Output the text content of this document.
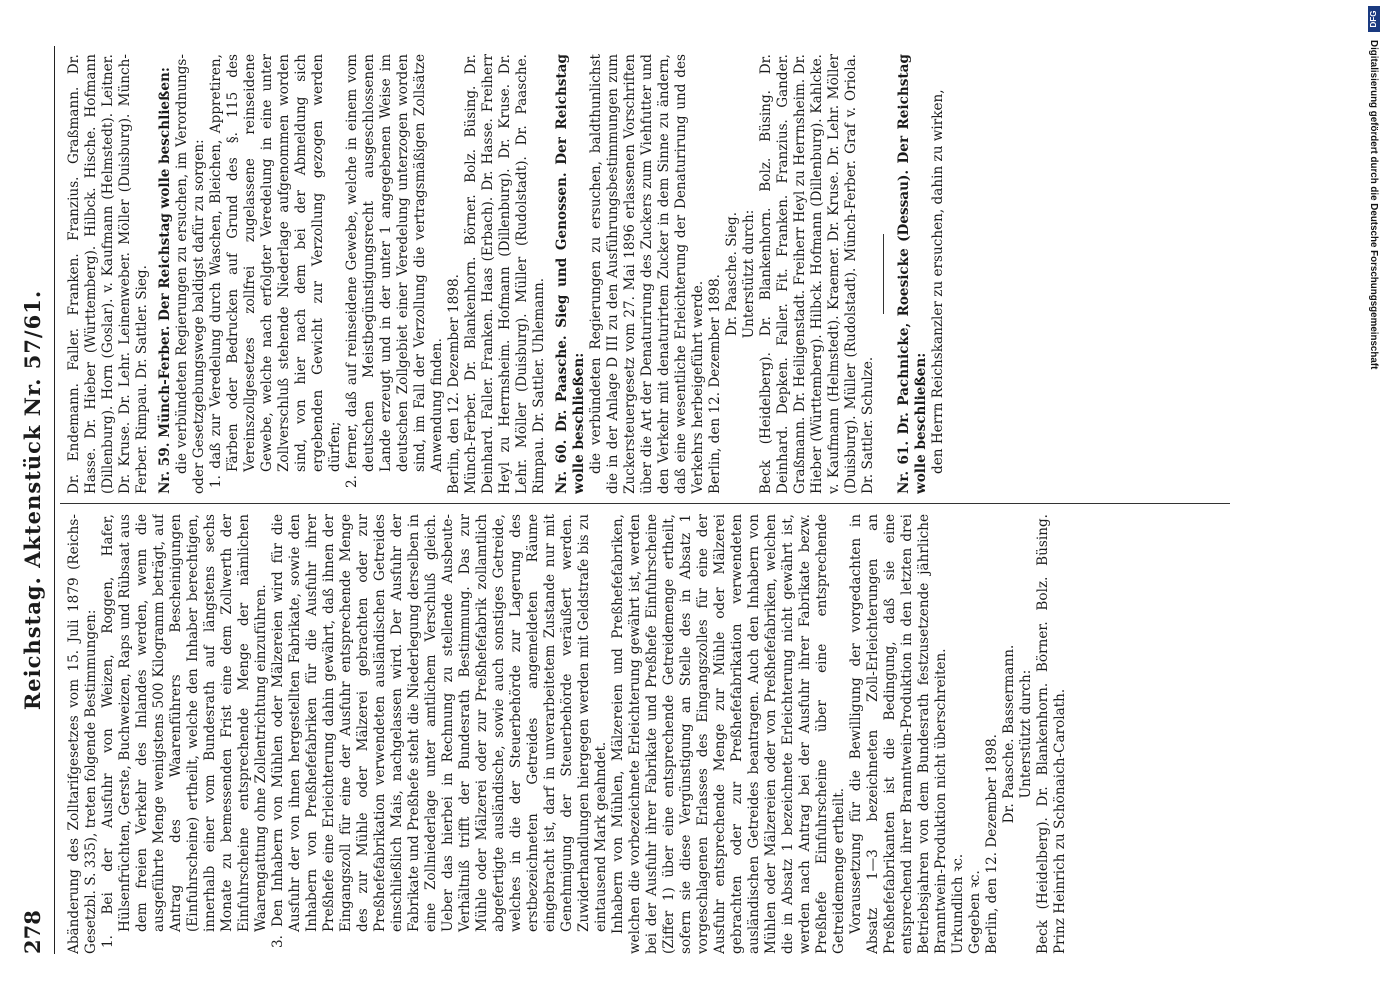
278
Reichstag. Aktenstück Nr. 57/61.

Abänderung des Zolltarifgesetzes vom 15. Juli 1879 (Reichs-Gesetzbl. S. 335), treten folgende Bestimmungen: 1. Bei der Ausfuhr von Weizen, Roggen, Hafer, Hülsenfrüchten, Gerste, Buchweizen, Raps und Rübsaat aus dem freien Verkehr des Inlandes werden, wenn die ausgeführte Menge wenigstens 500 Kilogramm beträgt, auf Antrag des Waarenführers Bescheinigungen (Einfuhrscheine) ertheilt, welche den Inhaber berechtigen, innerhalb einer vom Bundesrath auf längstens sechs Monate zu bemessenden Frist eine dem Zollwerth der Einfuhrscheine entsprechende Menge der nämlichen Waarengattung ohne Zollentrichtung einzuführen. 3. Den Inhabern von Mühlen oder Mälzereien wird für die Ausfuhr der von ihnen hergestellten Fabrikate, sowie den Inhabern von Preßhefefabriken für die Ausfuhr ihrer Preßhefe eine Erleichterung dahin gewährt, daß ihnen der Eingangszoll für eine der Ausfuhr entsprechende Menge des zur Mühle oder Mälzerei gebrachten oder zur Preßhefefabrikation verwendeten ausländischen Getreides einschließlich Mais, nachgelassen wird. Der Ausfuhr der Fabrikate und Preßhefe steht die Niederlegung derselben in eine Zollniederlage unter amtlichem Verschluß gleich. Ueber das hierbei in Rechnung zu stellende Ausbeute-Verhältniß trifft der Bundesrath Bestimmung. Das zur Mühle oder Mälzerei oder zur Preßhefefabrik zollamtlich abgefertigte ausländische, sowie auch sonstiges Getreide, welches in die der Steuerbehörde zur Lagerung des erstbezeichneten Getreides angemeldeten Räume eingebracht ist, darf in unverarbeitetem Zustande nur mit Genehmigung der Steuerbehörde veräußert werden. Zuwiderhandlungen hiergegen werden mit Geldstrafe bis zu eintausend Mark geahndet. Inhabern von Mühlen, Mälzereien und Preßhefefabriken, welchen die vorbezeichnete Erleichterung gewährt ist, werden bei der Ausfuhr ihrer Fabrikate und Preßhefe Einfuhrscheine (Ziffer 1) über eine entsprechende Getreidemenge ertheilt, sofern sie diese Vergünstigung an Stelle des in Absatz 1 vorgeschlagenen Erlasses des Eingangszolles für eine der Ausfuhr entsprechende Menge zur Mühle oder Mälzerei gebrachten oder zur Preßhefefabrikation verwendeten ausländischen Getreides beantragen. Auch den Inhabern von Mühlen oder Mälzereien oder von Preßhefefabriken, welchen die in Absatz 1 bezeichnete Erleichterung nicht gewährt ist, werden nach Antrag bei der Ausfuhr ihrer Fabrikate bezw. Preßhefe Einfuhrscheine über eine entsprechende Getreidemenge ertheilt. Voraussetzung für die Bewilligung der vorgedachten in Absatz 1—3 bezeichneten Zoll-Erleichterungen an Preßhefefabrikanten ist die Bedingung, daß sie eine entsprechend ihrer Branntwein-Produktion in den letzten drei Betriebsjahren von dem Bundesrath festzusetzende jährliche Branntwein-Produktion nicht überschreiten. Urkundlich ꝛc. Gegeben ꝛc. Berlin, den 12. Dezember 1898.

Dr. Paasche. Bassermann. Unterstützt durch: Beck (Heidelberg). Dr. Blankenhorn. Börner. Bolz. Büsing. Prinz Heinrich zu Schönaich-Carolath.

Dr. Endemann. Faller. Franken. Franzius. Graßmann. Dr. Hasse. Dr. Hieber (Württemberg). Hilbck. Hische. Hofmann (Dillenburg). Horn (Goslar). v. Kaufmann (Helmstedt). Leitner. Dr. Kruse. Dr. Lehr. Leinenweber. Möller (Duisburg). Münch-Ferber. Rimpau. Dr. Sattler. Sieg. Nr. 59. Münch-Ferber. Der Reichstag wolle beschließen: die verbündeten Regierungen zu ersuchen, im Verordnungs- oder Gesetzgebungswege baldigst dafür zu sorgen: 1. daß zur Veredelung durch Waschen, Bleichen, Appretiren, Färben oder Bedrucken auf Grund des §. 115 des Vereinszollgesetzes zollfrei zugelassene reinseidene Gewebe, welche nach erfolgter Veredelung in eine unter Zollverschluß stehende Niederlage aufgenommen worden sind, von hier nach dem bei der Abmeldung sich ergebenden Gewicht zur Verzollung gezogen werden dürfen; 2. ferner, daß auf reinseidene Gewebe, welche in einem vom deutschen Meistbegünstigungsrecht ausgeschlossenen Lande erzeugt und in der unter 1 angegebenen Weise im deutschen Zollgebiet einer Veredelung unterzogen worden sind, im Fall der Verzollung die vertragsmäßigen Zollsätze Anwendung finden. Berlin, den 12. Dezember 1898. Münch-Ferber. Dr. Blankenhorn. Börner. Bolz. Büsing. Dr. Deinhard. Faller. Franken. Haas (Erbach). Dr. Hasse. Freiherr Heyl zu Herrnsheim. Hofmann (Dillenburg). Dr. Kruse. Dr. Lehr. Möller (Duisburg). Müller (Rudolstadt). Dr. Paasche. Rimpau. Dr. Sattler. Uhlemann. Nr. 60. Dr. Paasche. Sieg und Genossen. Der Reichstag wolle beschließen: die verbündeten Regierungen zu ersuchen, baldthunlichst die in der Anlage D III zu den Ausführungsbestimmungen zum Zuckersteuergesetz vom 27. Mai 1896 erlassenen Vorschriften über die Art der Denaturirung des Zuckers zum Viehfutter und den Verkehr mit denaturirtem Zucker in dem Sinne zu ändern, daß eine wesentliche Erleichterung der Denaturirung und des Verkehrs herbeigeführt werde. Berlin, den 12. Dezember 1898.

Dr. Paasche. Sieg. Unterstützt durch: Beck (Heidelberg). Dr. Blankenhorn. Bolz. Büsing. Dr. Deinhard. Depken. Faller. Fit. Franken. Franzius. Gander. Graßmann. Dr. Heiligenstadt. Freiherr Heyl zu Herrnsheim. Dr. Hieber (Württemberg). Hilbck. Hofmann (Dillenburg). Kahlcke. v. Kaufmann (Helmstedt). Kraemer. Dr. Kruse. Dr. Lehr. Möller (Duisburg). Müller (Rudolstadt). Münch-Ferber. Graf v. Oriola. Dr. Sattler. Schulze. Nr. 61. Dr. Pachnicke, Roesicke (Dessau). Der Reichstag wolle beschließen: den Herrn Reichskanzler zu ersuchen, dahin zu wirken,

DFG
Digitalisierung gefördert durch die Deutsche Forschungsgemeinschaft
